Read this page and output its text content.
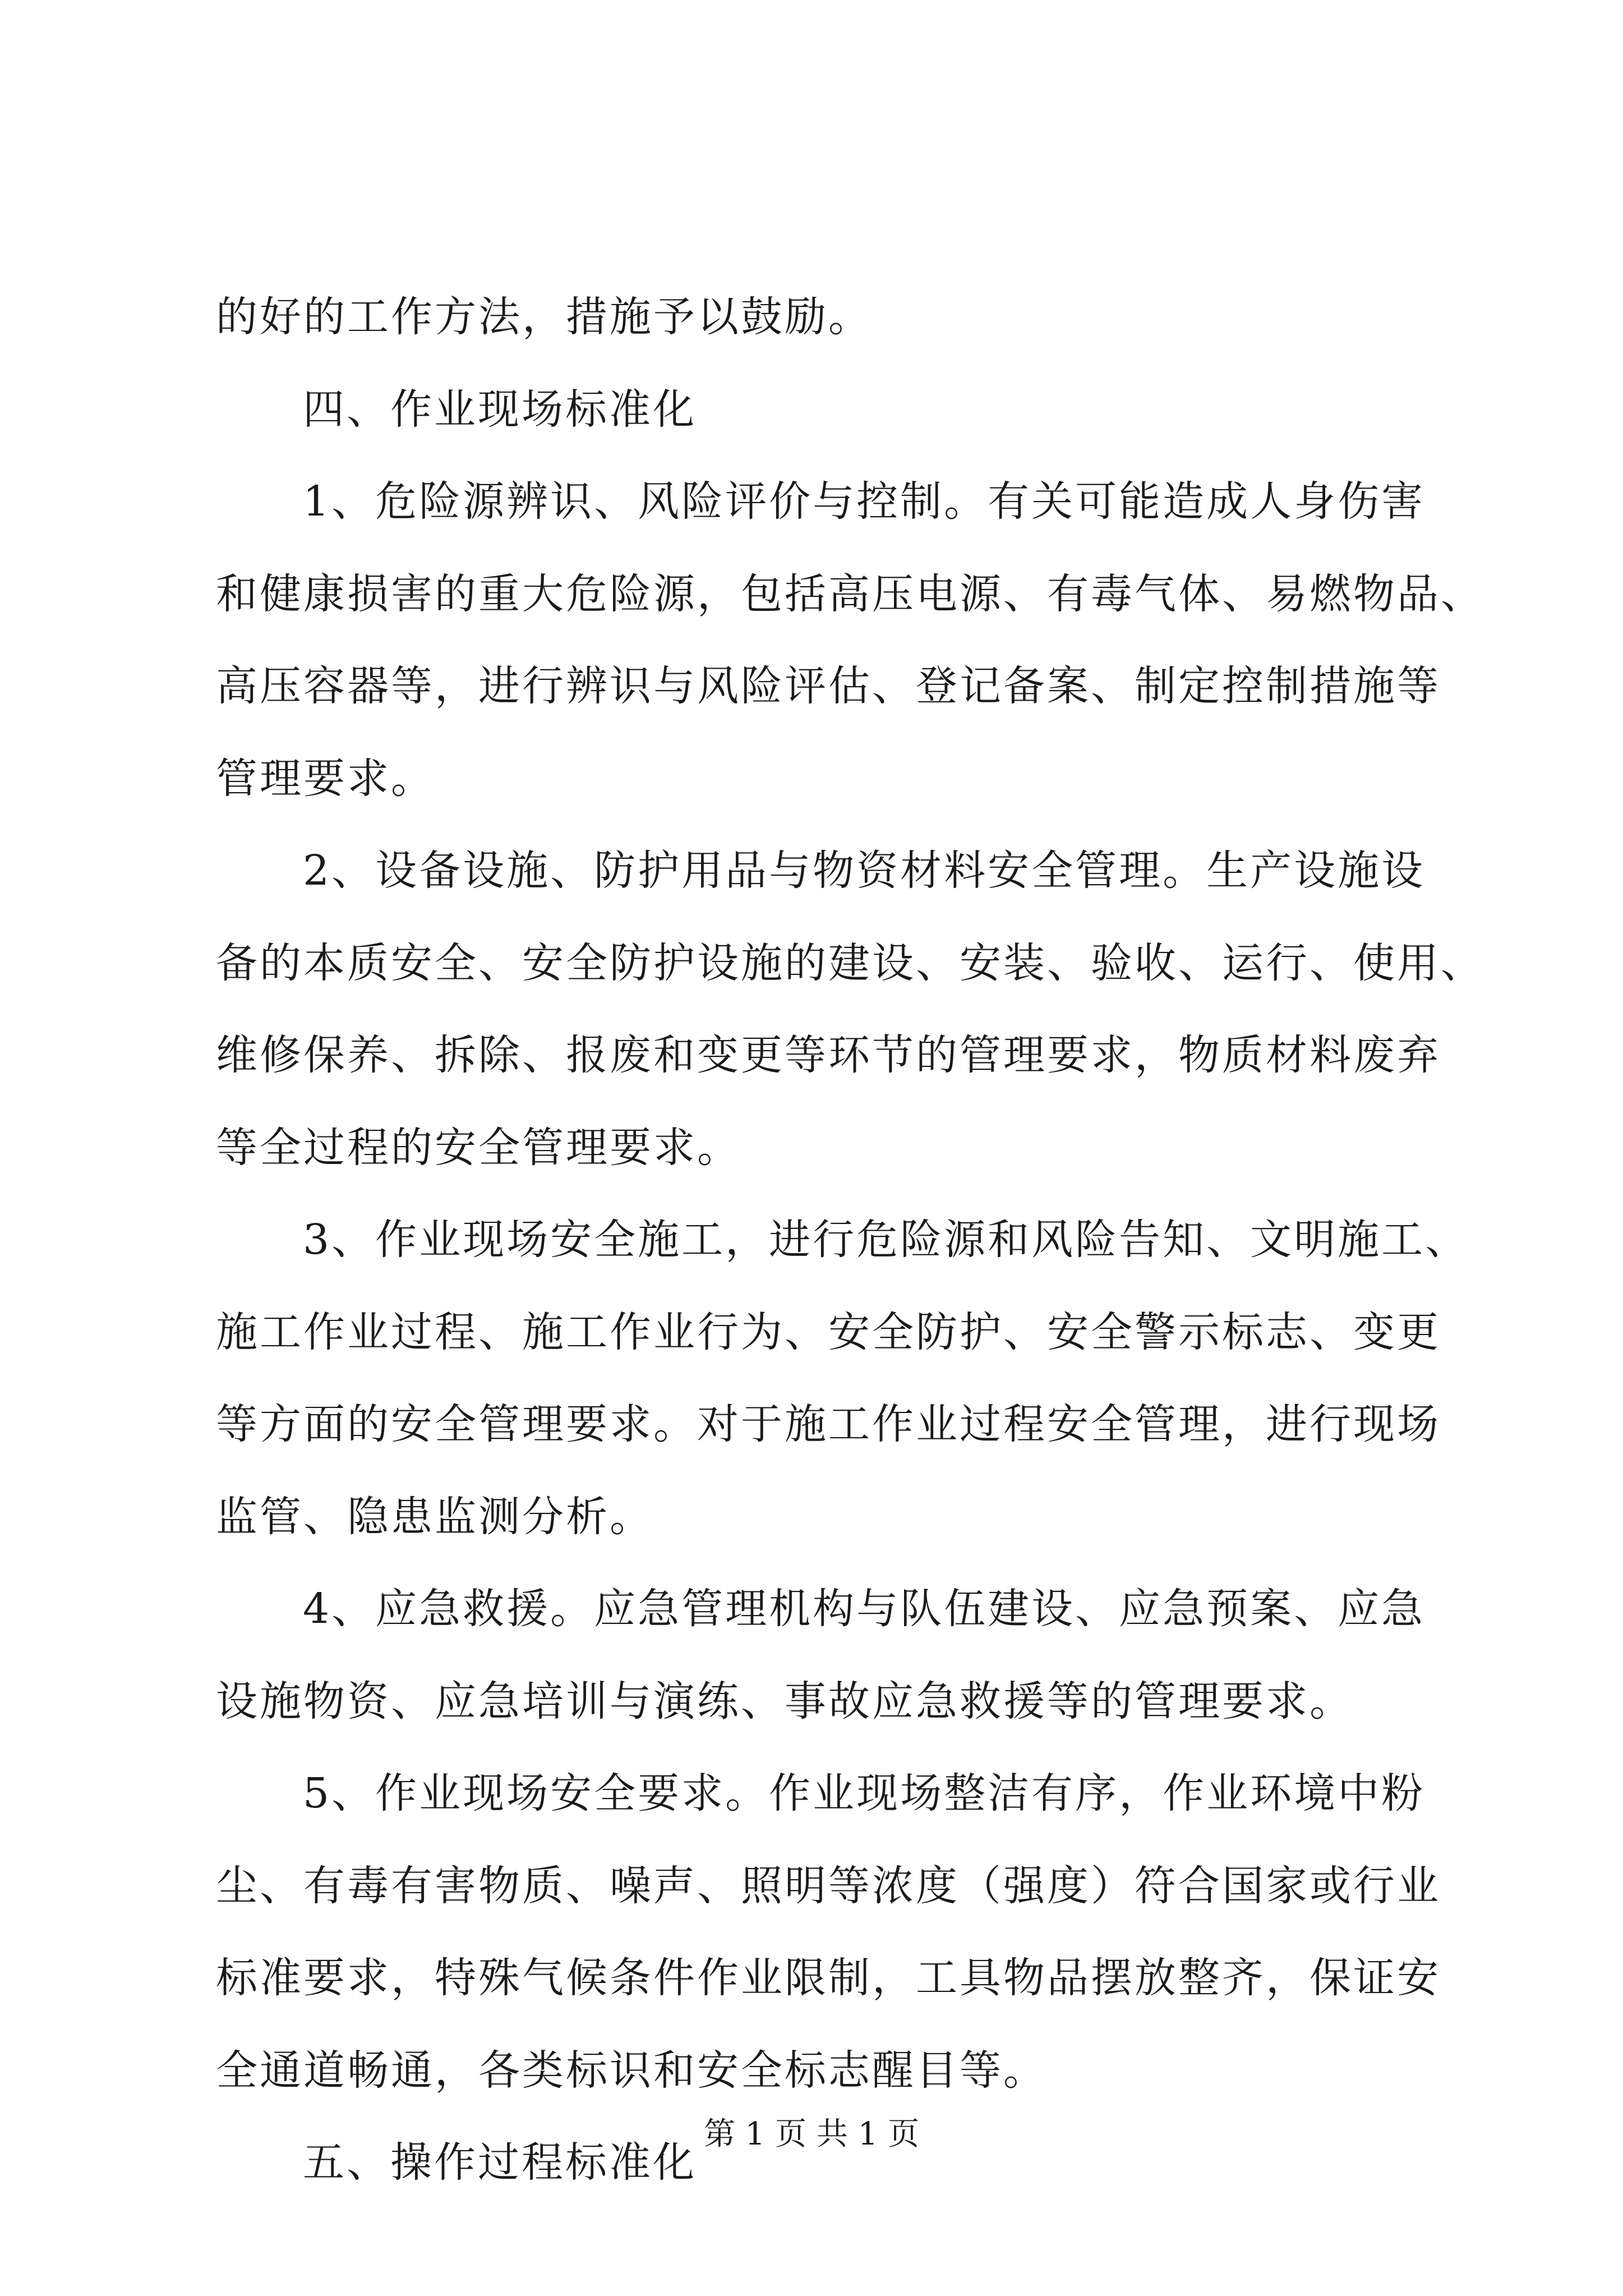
的好的工作方法，措施予以鼓励。
四、作业现场标准化
1、危险源辨识、风险评价与控制。有关可能造成人身伤害
和健康损害的重大危险源，包括高压电源、有毒气体、易燃物品、
高压容器等，进行辨识与风险评估、登记备案、制定控制措施等
管理要求。
2、设备设施、防护用品与物资材料安全管理。生产设施设
备的本质安全、安全防护设施的建设、安装、验收、运行、使用、
维修保养、拆除、报废和变更等环节的管理要求，物质材料废弃
等全过程的安全管理要求。
3、作业现场安全施工，进行危险源和风险告知、文明施工、
施工作业过程、施工作业行为、安全防护、安全警示标志、变更
等方面的安全管理要求。对于施工作业过程安全管理，进行现场
监管、隐患监测分析。
4、应急救援。应急管理机构与队伍建设、应急预案、应急
设施物资、应急培训与演练、事故应急救援等的管理要求。
5、作业现场安全要求。作业现场整洁有序，作业环境中粉
尘、有毒有害物质、噪声、照明等浓度（强度）符合国家或行业
标准要求，特殊气候条件作业限制，工具物品摆放整齐，保证安
全通道畅通，各类标识和安全标志醒目等。
五、操作过程标准化
第 1 页 共 1 页
